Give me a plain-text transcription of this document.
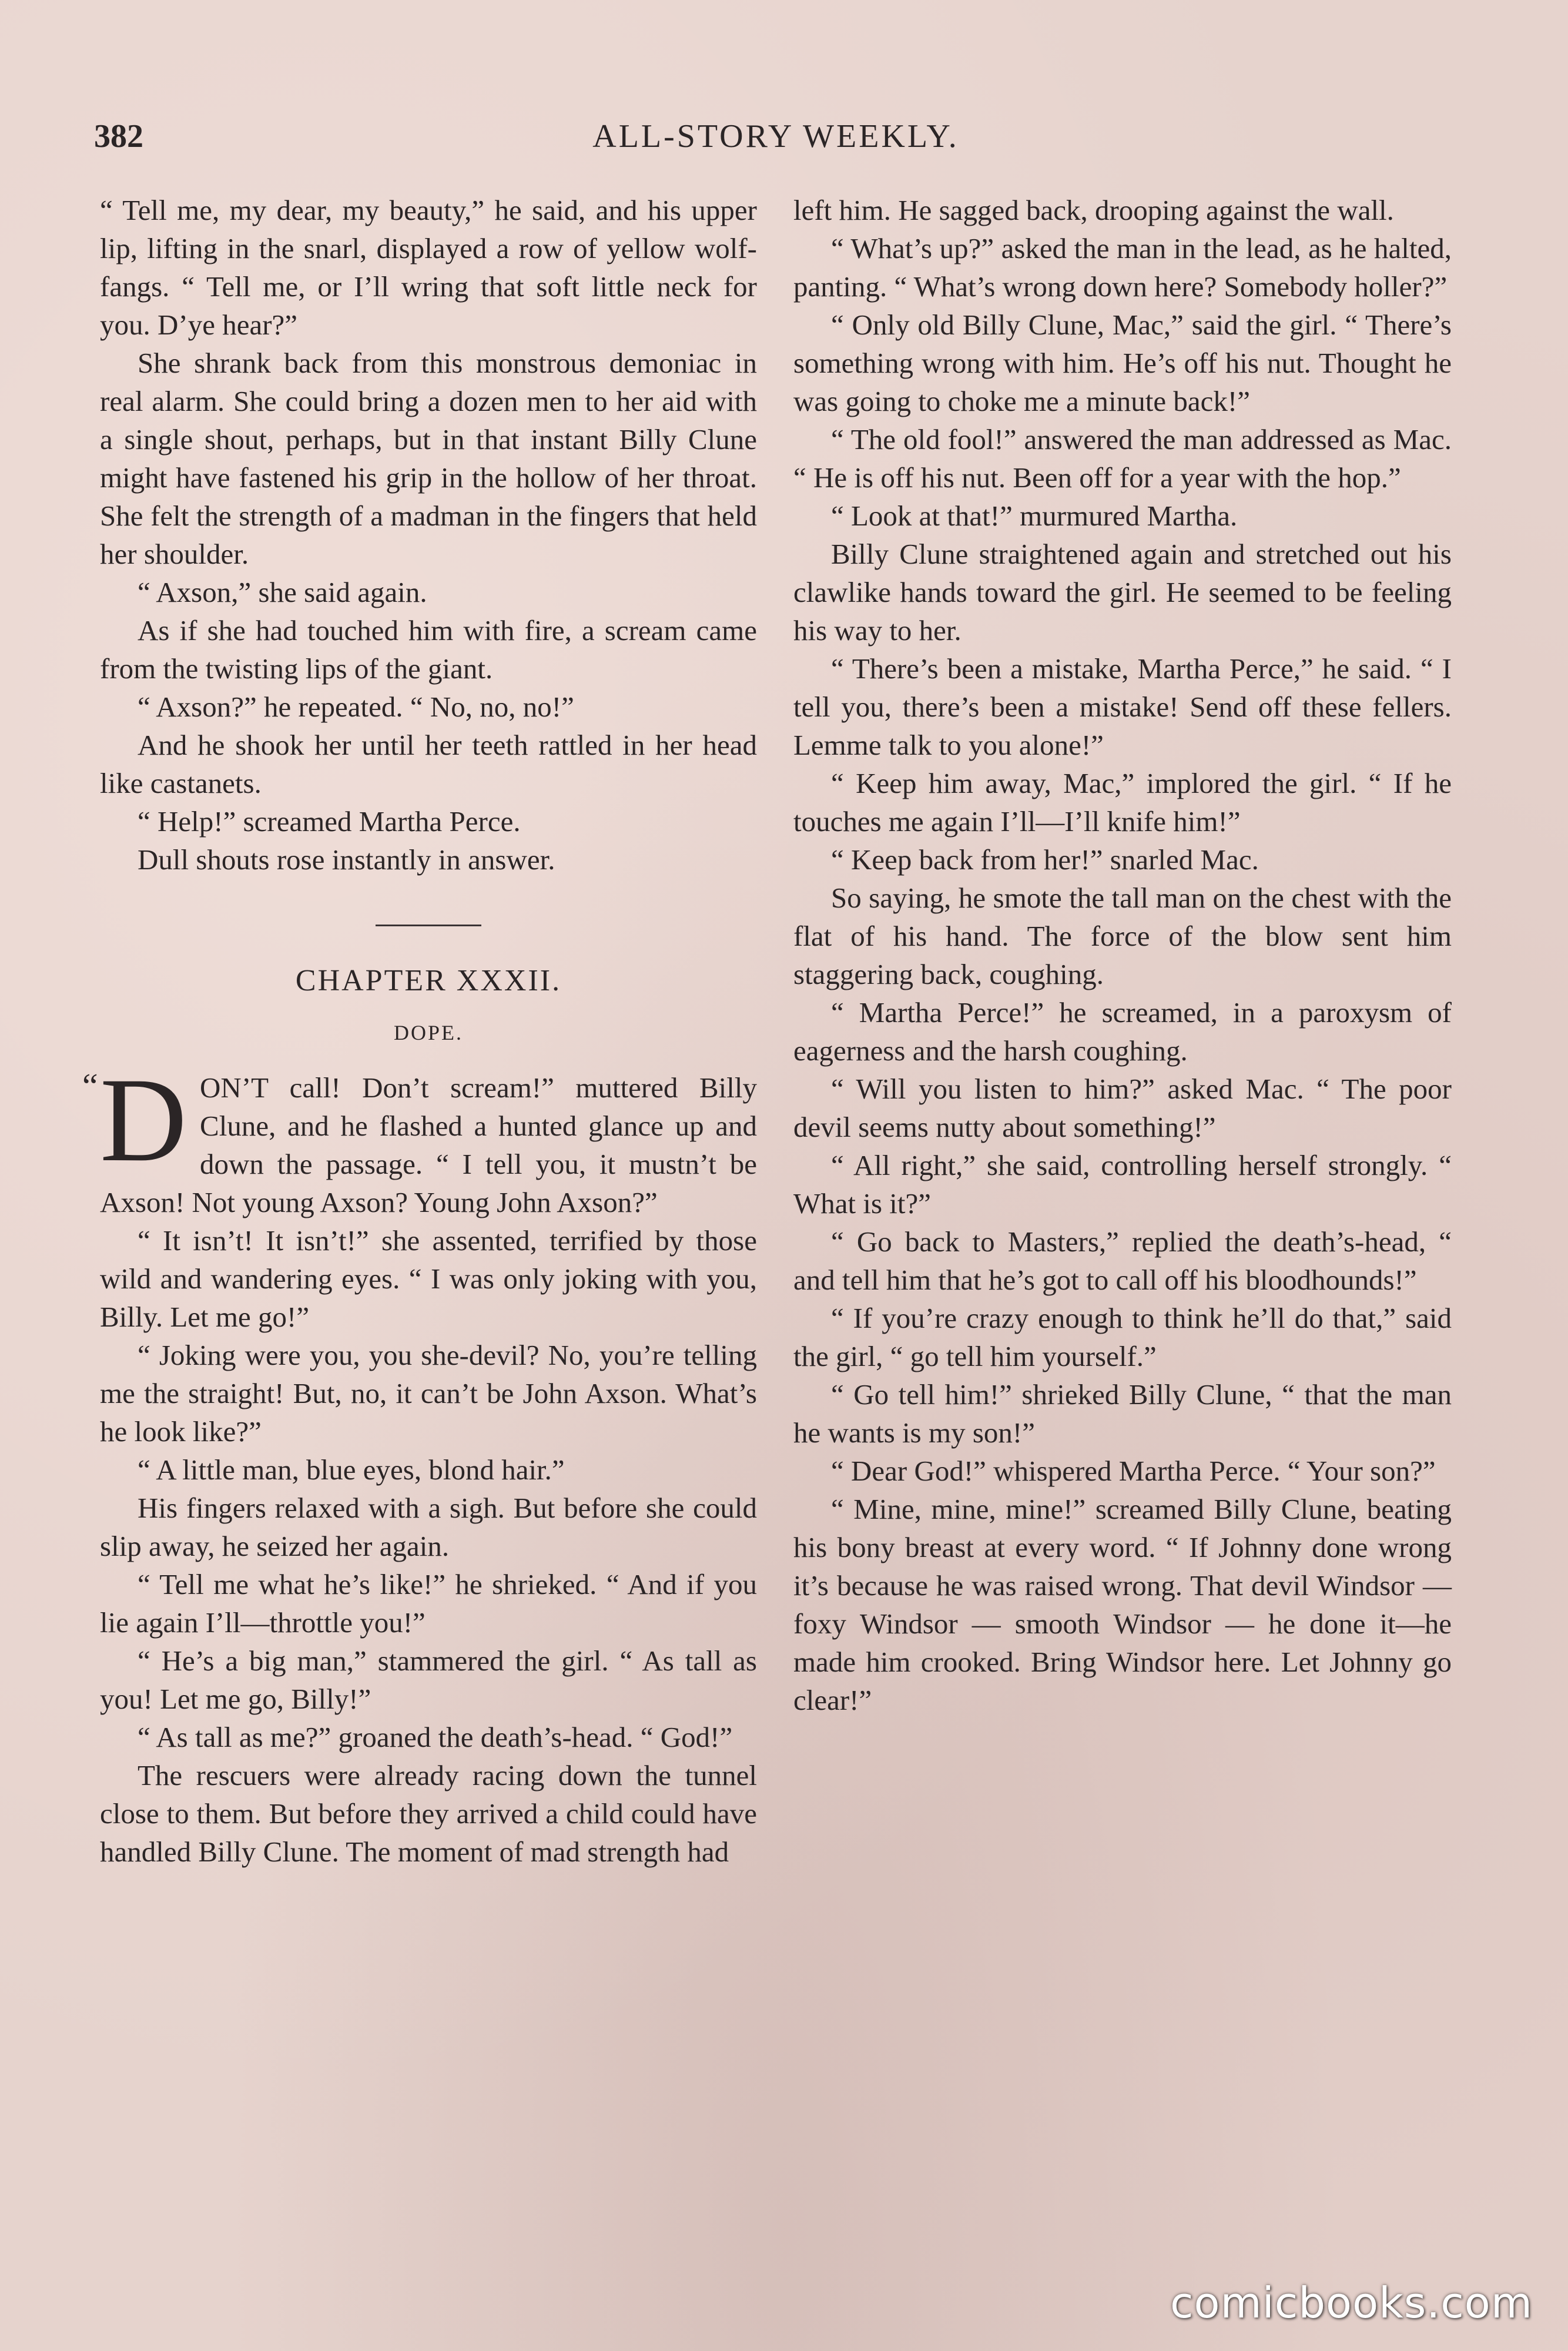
382	ALL-STORY WEEKLY.

“ Tell me, my dear, my beauty,” he said, and his upper lip, lifting in the snarl, displayed a row of yellow wolf-fangs. “ Tell me, or I’ll wring that soft little neck for you. D’ye hear?”

She shrank back from this monstrous demoniac in real alarm. She could bring a dozen men to her aid with a single shout, perhaps, but in that instant Billy Clune might have fastened his grip in the hollow of her throat. She felt the strength of a madman in the fingers that held her shoulder.

“ Axson,” she said again.

As if she had touched him with fire, a scream came from the twisting lips of the giant.

“ Axson?” he repeated. “ No, no, no!”

And he shook her until her teeth rattled in her head like castanets.

“ Help!” screamed Martha Perce.

Dull shouts rose instantly in answer.

CHAPTER XXXII.
DOPE.

“ D ON’T call! Don’t scream!” muttered Billy Clune, and he flashed a hunted glance up and down the passage. “ I tell you, it mustn’t be Axson! Not young Axson? Young John Axson?”

“ It isn’t! It isn’t!” she assented, terrified by those wild and wandering eyes. “ I was only joking with you, Billy. Let me go!”

“ Joking were you, you she-devil? No, you’re telling me the straight! But, no, it can’t be John Axson. What’s he look like?”

“ A little man, blue eyes, blond hair.”

His fingers relaxed with a sigh. But before she could slip away, he seized her again.

“ Tell me what he’s like!” he shrieked. “ And if you lie again I’ll—throttle you!”

“ He’s a big man,” stammered the girl. “ As tall as you! Let me go, Billy!”

“ As tall as me?” groaned the death’s-head. “ God!”

The rescuers were already racing down the tunnel close to them. But before they arrived a child could have handled Billy Clune. The moment of mad strength had

left him. He sagged back, drooping against the wall.

“ What’s up?” asked the man in the lead, as he halted, panting. “ What’s wrong down here? Somebody holler?”

“ Only old Billy Clune, Mac,” said the girl. “ There’s something wrong with him. He’s off his nut. Thought he was going to choke me a minute back!”

“ The old fool!” answered the man addressed as Mac. “ He is off his nut. Been off for a year with the hop.”

“ Look at that!” murmured Martha.

Billy Clune straightened again and stretched out his clawlike hands toward the girl. He seemed to be feeling his way to her.

“ There’s been a mistake, Martha Perce,” he said. “ I tell you, there’s been a mistake! Send off these fellers. Lemme talk to you alone!”

“ Keep him away, Mac,” implored the girl. “ If he touches me again I’ll—I’ll knife him!”

“ Keep back from her!” snarled Mac.

So saying, he smote the tall man on the chest with the flat of his hand. The force of the blow sent him staggering back, coughing.

“ Martha Perce!” he screamed, in a paroxysm of eagerness and the harsh coughing.

“ Will you listen to him?” asked Mac. “ The poor devil seems nutty about something!”

“ All right,” she said, controlling herself strongly. “ What is it?”

“ Go back to Masters,” replied the death’s-head, “ and tell him that he’s got to call off his bloodhounds!”

“ If you’re crazy enough to think he’ll do that,” said the girl, “ go tell him yourself.”

“ Go tell him!” shrieked Billy Clune, “ that the man he wants is my son!”

“ Dear God!” whispered Martha Perce. “ Your son?”

“ Mine, mine, mine!” screamed Billy Clune, beating his bony breast at every word. “ If Johnny done wrong it’s because he was raised wrong. That devil Windsor — foxy Windsor — smooth Windsor — he done it—he made him crooked. Bring Windsor here. Let Johnny go clear!”

comicbooks.com
